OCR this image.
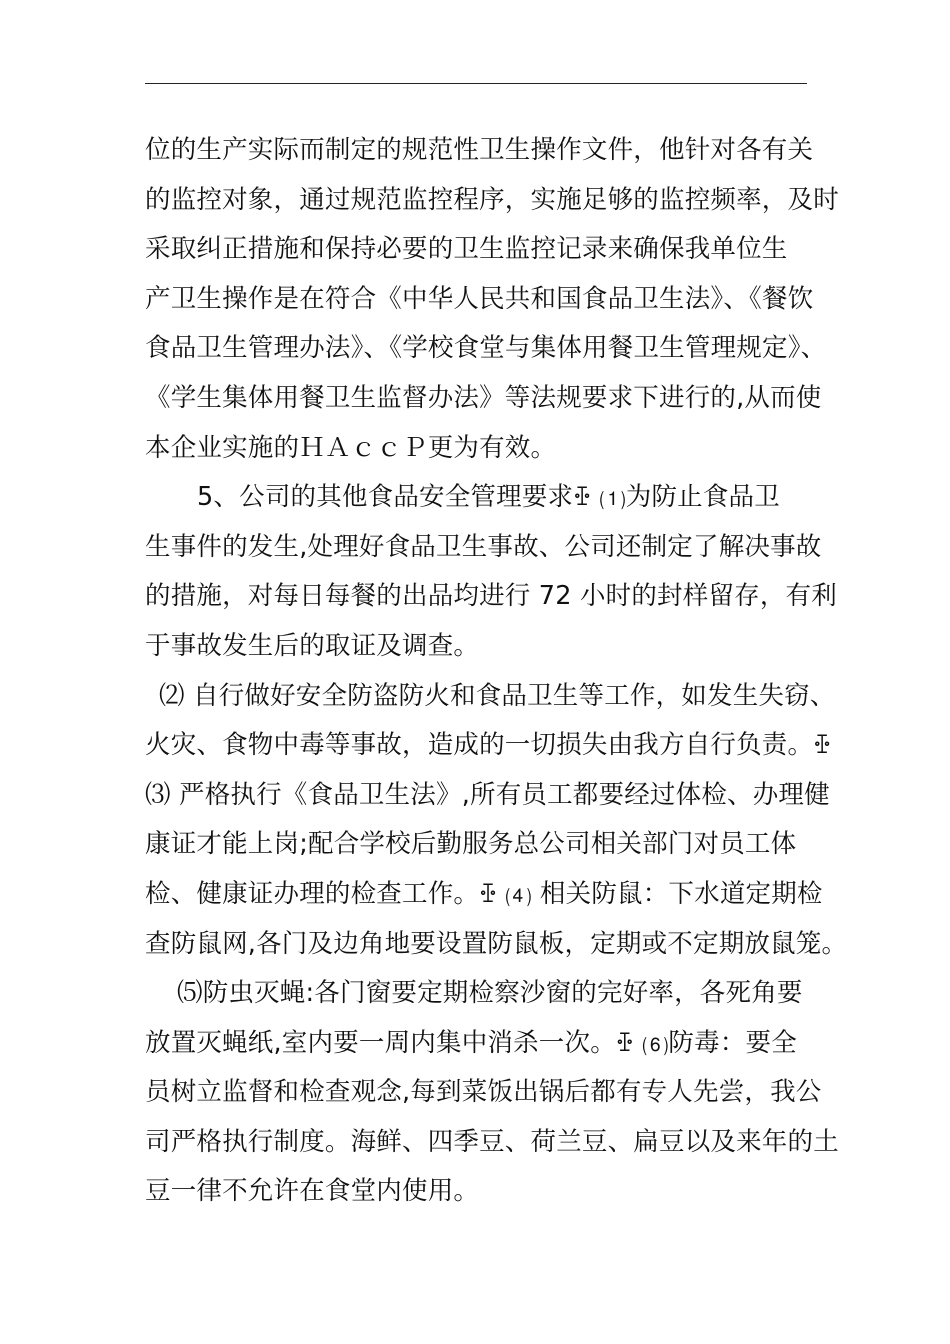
位的生产实际而制定的规范性卫生操作文件，他针对各有关
的监控对象，通过规范监控程序，实施足够的监控频率，及时
采取纠正措施和保持必要的卫生监控记录来确保我单位生
产卫生操作是在符合《中华人民共和国食品卫生法》、《餐饮
食品卫生管理办法》、《学校食堂与集体用餐卫生管理规定》、
《学生集体用餐卫生监督办法》等法规要求下进行的,从而使
本企业实施的ＨＡｃｃＰ更为有效。
5、公司的其他食品安全管理要求ꔀ ⑴为防止食品卫
生事件的发生,处理好食品卫生事故、公司还制定了解决事故
的措施，对每日每餐的出品均进行 72 小时的封样留存，有利
于事故发生后的取证及调查。
⑵ 自行做好安全防盗防火和食品卫生等工作，如发生失窃、
火灾、食物中毒等事故，造成的一切损失由我方自行负责。ꔀ
⑶ 严格执行《食品卫生法》,所有员工都要经过体检、办理健
康证才能上岗;配合学校后勤服务总公司相关部门对员工体
检、健康证办理的检查工作。ꔀ ⑷ 相关防鼠：下水道定期检
查防鼠网,各门及边角地要设置防鼠板，定期或不定期放鼠笼。
⑸防虫灭蝇:各门窗要定期检察沙窗的完好率，各死角要
放置灭蝇纸,室内要一周内集中消杀一次。ꔀ ⑹防毒：要全
员树立监督和检查观念,每到菜饭出锅后都有专人先尝，我公
司严格执行制度。海鲜、四季豆、荷兰豆、扁豆以及来年的土
豆一律不允许在食堂内使用。
